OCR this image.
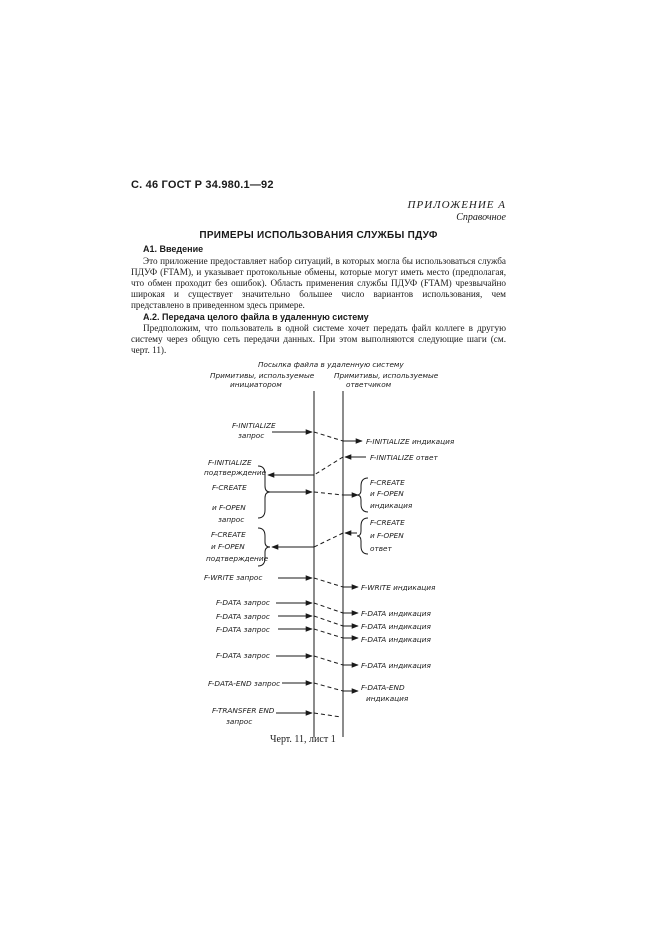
С. 46 ГОСТ Р 34.980.1—92
ПРИЛОЖЕНИЕ А
Справочное
ПРИМЕРЫ ИСПОЛЬЗОВАНИЯ СЛУЖБЫ ПДУФ
А1. Введение
Это приложение предоставляет набор ситуаций, в которых могла бы использоваться служба ПДУФ (FTAM), и указывает протокольные обмены, которые могут иметь место (предполагая, что обмен проходит без ошибок). Область применения службы ПДУФ (FTAM) чрезвычайно широкая и существует значительно большее число вариантов использования, чем представлено в приведенном здесь примере.
А.2. Передача целого файла в удаленную систему
Предположим, что пользователь в одной системе хочет передать файл коллеге в другую систему через общую сеть передачи данных. При этом выполняются следующие шаги (см. черт. 11).
Посылка файла в удаленную систему
Примитивы, используемые инициатором
Примитивы, используемые ответчиком
F-INITIALIZE запрос
F-INITIALIZE индикация
F-INITIALIZE ответ
F-INITIALIZE подтверждение
F-CREATE и F-OPEN запрос
F-CREATE и F-OPEN индикация
F-CREATE и F-OPEN ответ
F-CREATE и F-OPEN подтверждение
F-WRITE запрос
F-WRITE индикация
F-DATA запрос
F-DATA индикация
F-DATA запрос
F-DATA индикация
F-DATA запрос
F-DATA индикация
F-DATA запрос
F-DATA индикация
F-DATA-END запрос	F-DATA-END индикация
F-TRANSFER END запрос
Черт. 11, лист 1
